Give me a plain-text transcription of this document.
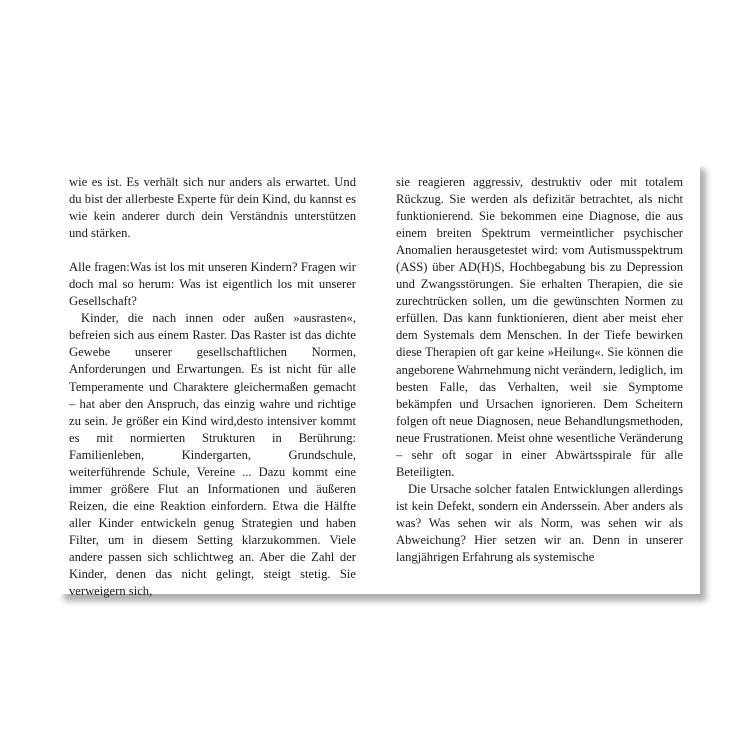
wie es ist. Es verhält sich nur anders als erwartet. Und du bist der allerbeste Experte für dein Kind, du kannst es wie kein anderer durch dein Verständnis unterstützen und stärken.

Alle fragen:Was ist los mit unseren Kindern? Fragen wir doch mal so herum: Was ist eigentlich los mit unserer Gesellschaft?

Kinder, die nach innen oder außen »ausrasten«, befreien sich aus einem Raster. Das Raster ist das dichte Gewebe unserer gesellschaftlichen Normen, Anforderungen und Erwartungen. Es ist nicht für alle Temperamente und Charaktere gleichermaßen gemacht – hat aber den Anspruch, das einzig wahre und richtige zu sein. Je größer ein Kind wird,desto intensiver kommt es mit normierten Strukturen in Berührung: Familienleben, Kindergarten, Grundschule, weiterführende Schule, Vereine ... Dazu kommt eine immer größere Flut an Informationen und äußeren Reizen, die eine Reaktion einfordern. Etwa die Hälfte aller Kinder entwickeln genug Strategien und haben Filter, um in diesem Setting klarzukommen. Viele andere passen sich schlichtweg an. Aber die Zahl der Kinder, denen das nicht gelingt, steigt stetig. Sie verweigern sich,

sie reagieren aggressiv, destruktiv oder mit totalem Rückzug. Sie werden als defizitär betrachtet, als nicht funktionierend. Sie bekommen eine Diagnose, die aus einem breiten Spektrum vermeintlicher psychischer Anomalien herausgetestet wird: vom Autismusspektrum (ASS) über AD(H)S, Hochbegabung bis zu Depression und Zwangsstörungen. Sie erhalten Therapien, die sie zurechtrücken sollen, um die gewünschten Normen zu erfüllen. Das kann funktionieren, dient aber meist eher dem Systemals dem Menschen. In der Tiefe bewirken diese Therapien oft gar keine »Heilung«. Sie können die angeborene Wahrnehmung nicht verändern, lediglich, im besten Falle, das Verhalten, weil sie Symptome bekämpfen und Ursachen ignorieren. Dem Scheitern folgen oft neue Diagnosen, neue Behandlungsmethoden, neue Frustrationen. Meist ohne wesentliche Veränderung – sehr oft sogar in einer Abwärtsspirale für alle Beteiligten.

Die Ursache solcher fatalen Entwicklungen allerdings ist kein Defekt, sondern ein Anderssein. Aber anders als was? Was sehen wir als Norm, was sehen wir als Abweichung? Hier setzen wir an. Denn in unserer langjährigen Erfahrung als systemische
